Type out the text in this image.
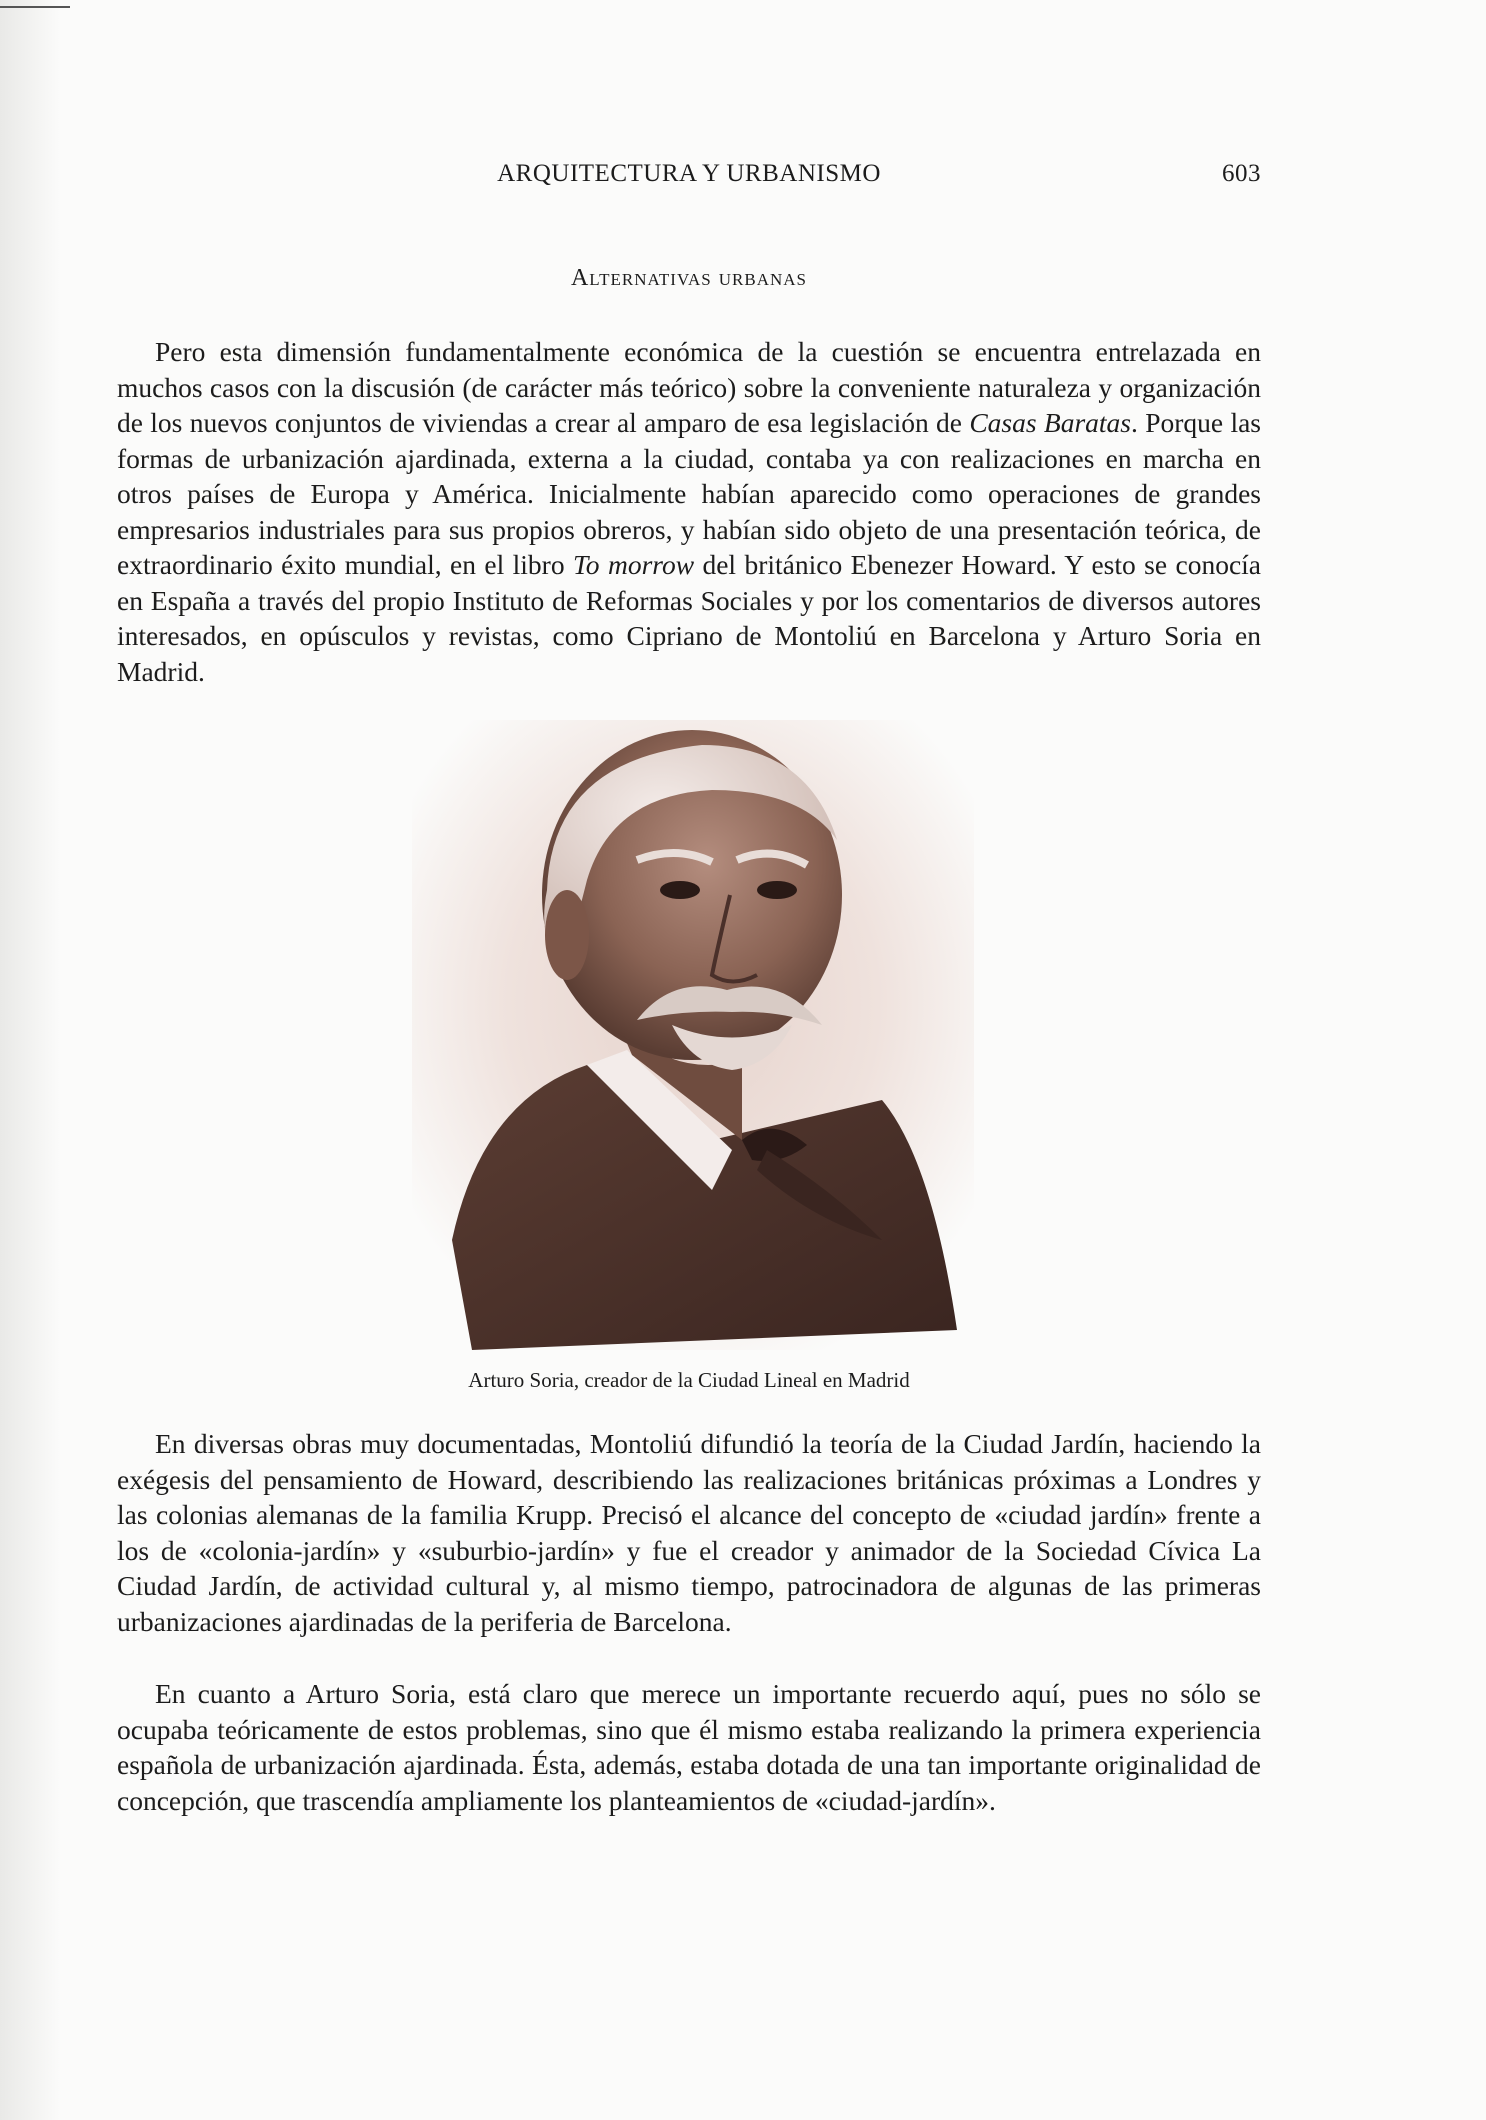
ARQUITECTURA Y URBANISMO	603
Alternativas urbanas

Pero esta dimensión fundamentalmente económica de la cuestión se encuentra entrelazada en muchos casos con la discusión (de carácter más teórico) sobre la conveniente naturaleza y organización de los nuevos conjuntos de viviendas a crear al amparo de esa legislación de Casas Baratas. Porque las formas de urbanización ajardinada, externa a la ciudad, contaba ya con realizaciones en marcha en otros países de Europa y América. Inicialmente habían aparecido como operaciones de grandes empresarios industriales para sus propios obreros, y habían sido objeto de una presentación teórica, de extraordinario éxito mundial, en el libro To morrow del británico Ebenezer Howard. Y esto se conocía en España a través del propio Instituto de Reformas Sociales y por los comentarios de diversos autores interesados, en opúsculos y revistas, como Cipriano de Montoliú en Barcelona y Arturo Soria en Madrid.

Arturo Soria, creador de la Ciudad Lineal en Madrid

En diversas obras muy documentadas, Montoliú difundió la teoría de la Ciudad Jardín, haciendo la exégesis del pensamiento de Howard, describiendo las realizaciones británicas próximas a Londres y las colonias alemanas de la familia Krupp. Precisó el alcance del concepto de «ciudad jardín» frente a los de «colonia-jardín» y «suburbio-jardín» y fue el creador y animador de la Sociedad Cívica La Ciudad Jardín, de actividad cultural y, al mismo tiempo, patrocinadora de algunas de las primeras urbanizaciones ajardinadas de la periferia de Barcelona.

En cuanto a Arturo Soria, está claro que merece un importante recuerdo aquí, pues no sólo se ocupaba teóricamente de estos problemas, sino que él mismo estaba realizando la primera experiencia española de urbanización ajardinada. Ésta, además, estaba dotada de una tan importante originalidad de concepción, que trascendía ampliamente los planteamientos de «ciudad-jardín».
